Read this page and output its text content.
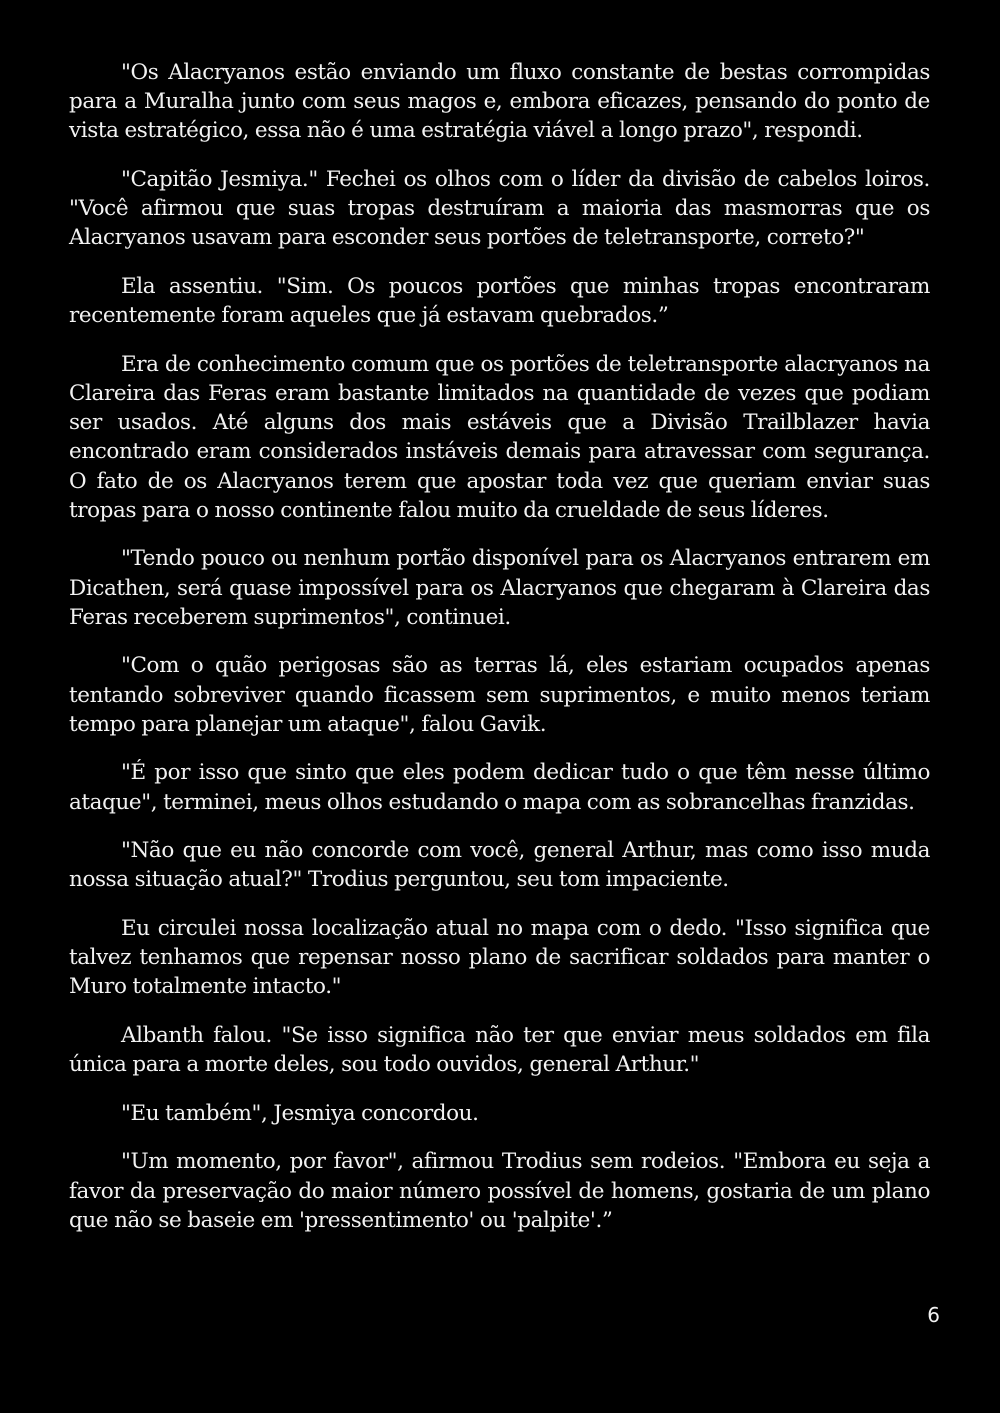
"Os Alacryanos estão enviando um fluxo constante de bestas corrompidas para a Muralha junto com seus magos e, embora eficazes, pensando do ponto de vista estratégico, essa não é uma estratégia viável a longo prazo", respondi.

"Capitão Jesmiya." Fechei os olhos com o líder da divisão de cabelos loiros. "Você afirmou que suas tropas destruíram a maioria das masmorras que os Alacryanos usavam para esconder seus portões de teletransporte, correto?"

Ela assentiu. "Sim. Os poucos portões que minhas tropas encontraram recentemente foram aqueles que já estavam quebrados.”

Era de conhecimento comum que os portões de teletransporte alacryanos na Clareira das Feras eram bastante limitados na quantidade de vezes que podiam ser usados. Até alguns dos mais estáveis que a Divisão Trailblazer havia encontrado eram considerados instáveis demais para atravessar com segurança. O fato de os Alacryanos terem que apostar toda vez que queriam enviar suas tropas para o nosso continente falou muito da crueldade de seus líderes.

"Tendo pouco ou nenhum portão disponível para os Alacryanos entrarem em Dicathen, será quase impossível para os Alacryanos que chegaram à Clareira das Feras receberem suprimentos", continuei.

"Com o quão perigosas são as terras lá, eles estariam ocupados apenas tentando sobreviver quando ficassem sem suprimentos, e muito menos teriam tempo para planejar um ataque", falou Gavik.

"É por isso que sinto que eles podem dedicar tudo o que têm nesse último ataque", terminei, meus olhos estudando o mapa com as sobrancelhas franzidas.

"Não que eu não concorde com você, general Arthur, mas como isso muda nossa situação atual?" Trodius perguntou, seu tom impaciente.

Eu circulei nossa localização atual no mapa com o dedo. "Isso significa que talvez tenhamos que repensar nosso plano de sacrificar soldados para manter o Muro totalmente intacto."

Albanth falou. "Se isso significa não ter que enviar meus soldados em fila única para a morte deles, sou todo ouvidos, general Arthur."

"Eu também", Jesmiya concordou.

"Um momento, por favor", afirmou Trodius sem rodeios. "Embora eu seja a favor da preservação do maior número possível de homens, gostaria de um plano que não se baseie em 'pressentimento' ou 'palpite'.”

6
